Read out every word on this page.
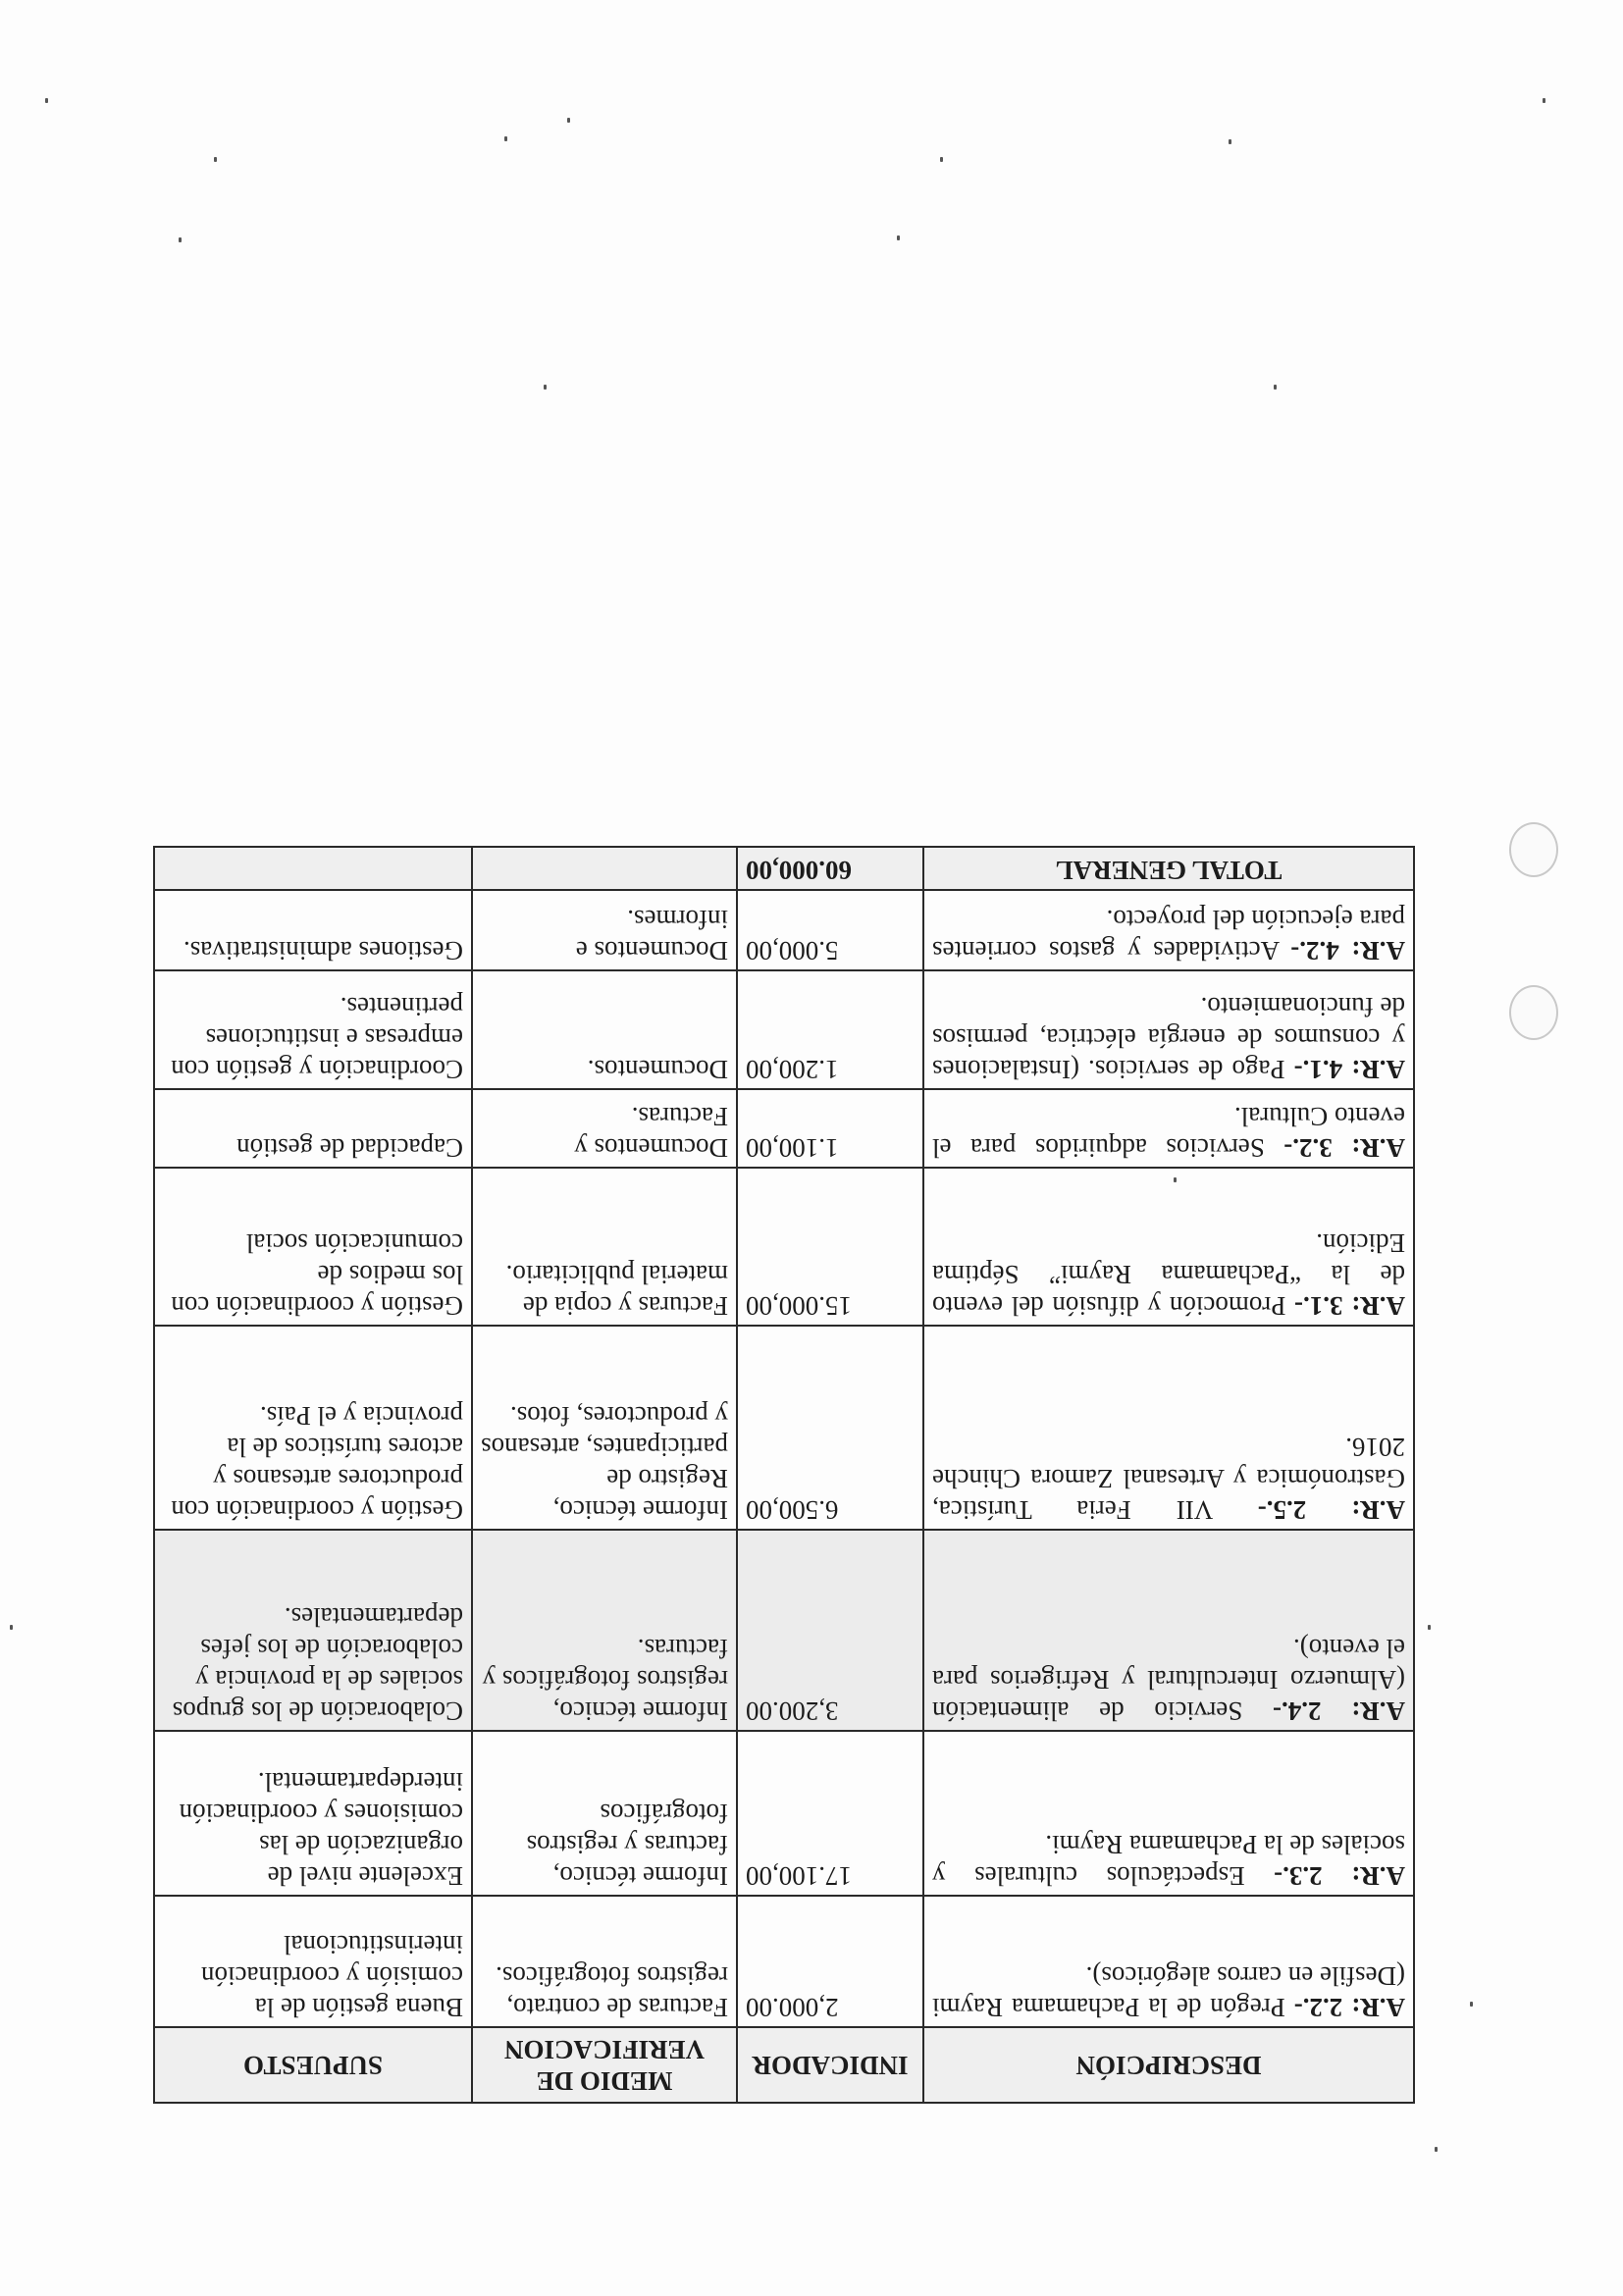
DESCRIPCIÓN	INDICADOR	MEDIO DE VERIFICACION	SUPUESTO
A.R: 2.2.- Pregón de la Pachamama Raymi (Desfile en carros alegóricos).	2,000.00	Facturas de contrato, registros fotográficos.	Buena gestión de la comisión y coordinación interinstitucional
A.R: 2.3.- Espectáculos culturales y sociales de la Pachamama Raymi.	17.100,00	Informe técnico, facturas y registros fotográficos	Excelente nivel de organización de las comisiones y coordinación interdepartamental.
A.R: 2.4.- Servicio de alimentación (Almuerzo Intercultural y Refrigerios para el evento).	3,200.00	Informe técnico, registros fotográficos y facturas.	Colaboración de los grupos sociales de la provincia y colaboración de los jefes departamentales.
A.R: 2.5.- VII Feria Turística, Gastronómica y Artesanal Zamora Chinche 2016.	6.500,00	Informe técnico, Registro de participantes, artesanos y productores, fotos.	Gestión y coordinación con productores artesanos y actores turísticos de la provincia y el País.
A.R: 3.1.- Promoción y difusión del evento de la “Pachamama Raymi” Séptima Edición.	15.000,00	Facturas y copia de material publicitario.	Gestión y coordinación con los medios de comunicación social
A.R: 3.2.- Servicios adquiridos para el evento Cultural.	1.100,00	Documentos y Facturas.	Capacidad de gestión
A.R: 4.1.- Pago de servicios. (Instalaciones y consumos de energía eléctrica, permisos de funcionamiento.	1.200,00	Documentos.	Coordinación y gestión con empresas e instituciones pertinentes.
A.R: 4.2.- Actividades y gastos corrientes para ejecución del proyecto.	5.000,00	Documentos e informes.	Gestiones administrativas.
TOTAL GENERAL	60.000,00		
